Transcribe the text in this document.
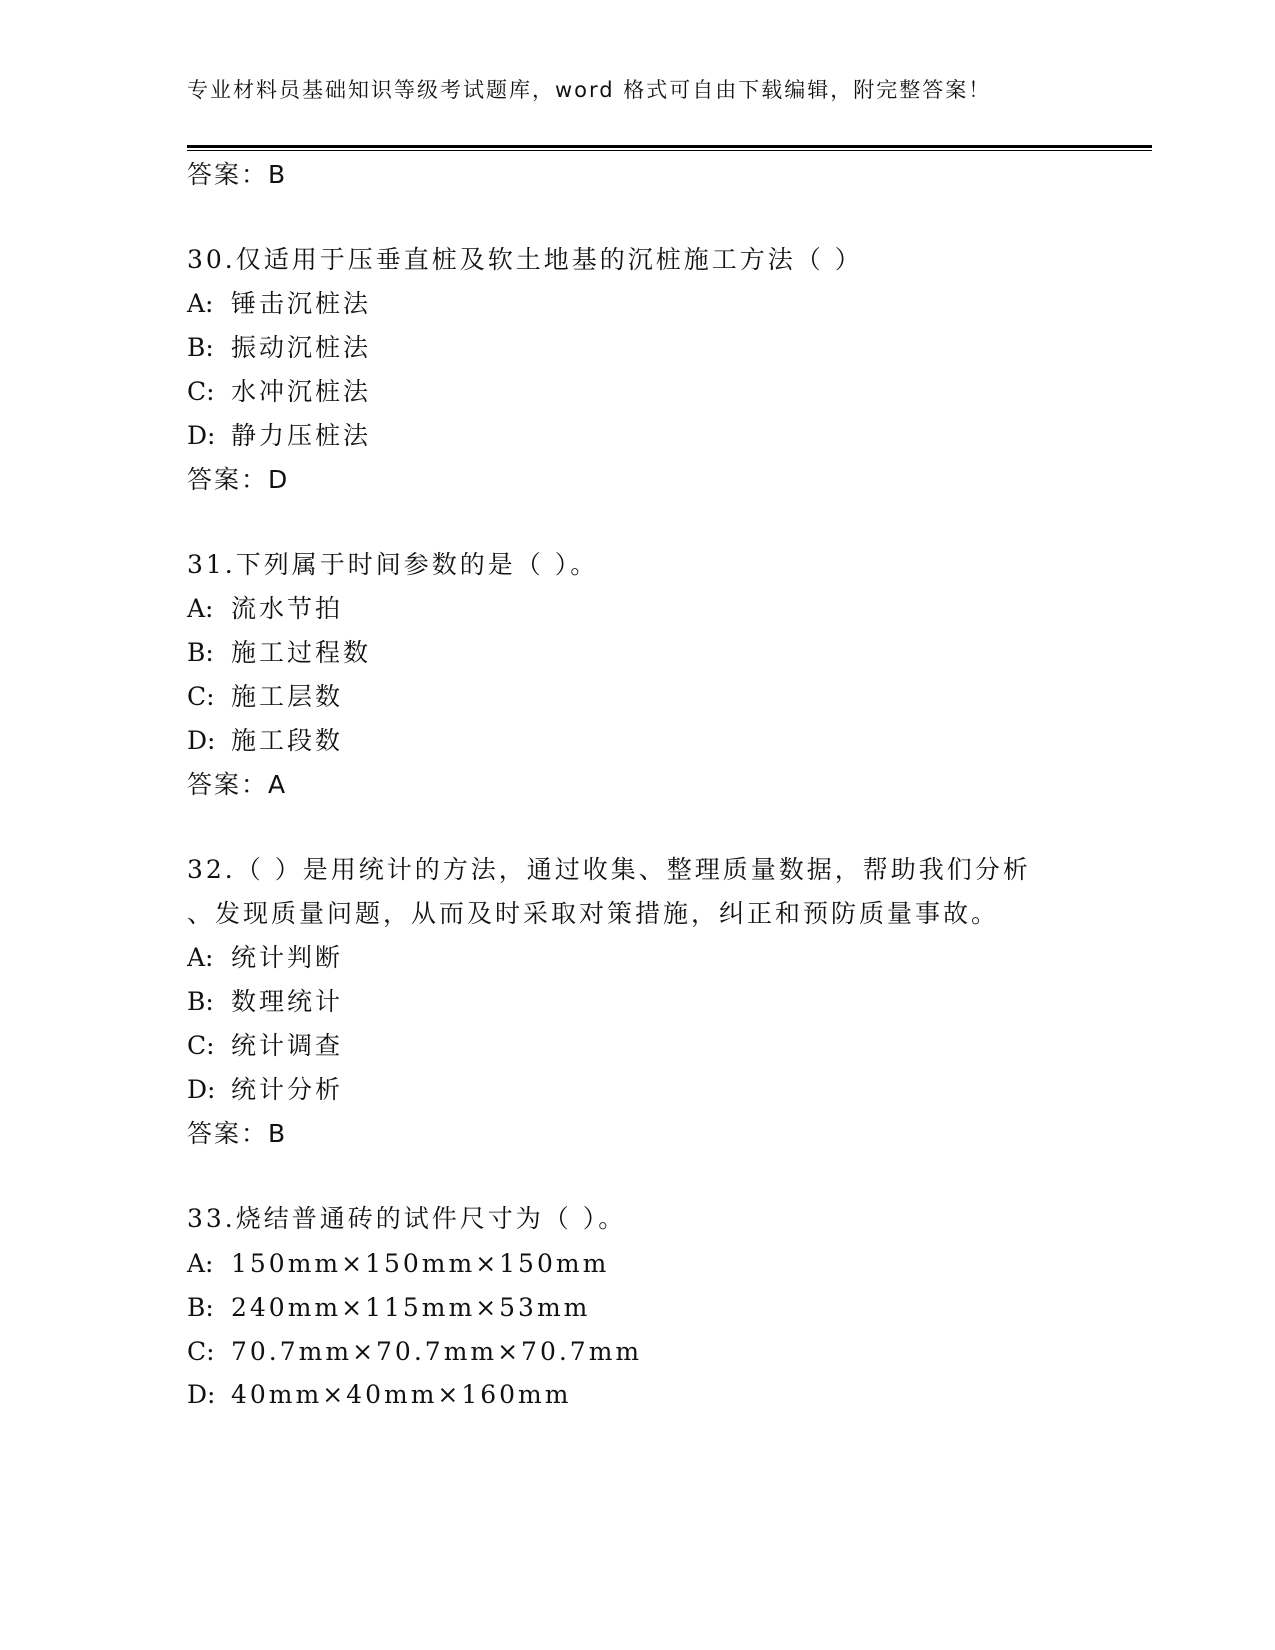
专业材料员基础知识等级考试题库，word 格式可自由下载编辑，附完整答案！
答案：B
30.仅适用于压垂直桩及软土地基的沉桩施工方法（ ）
A: 锤击沉桩法
B: 振动沉桩法
C: 水冲沉桩法
D: 静力压桩法
答案：D
31.下列属于时间参数的是（ ）。
A: 流水节拍
B: 施工过程数
C: 施工层数
D: 施工段数
答案：A
32.（ ）是用统计的方法，通过收集、整理质量数据，帮助我们分析
、发现质量问题，从而及时采取对策措施，纠正和预防质量事故。
A: 统计判断
B: 数理统计
C: 统计调查
D: 统计分析
答案：B
33.烧结普通砖的试件尺寸为（ ）。
A: 150mm×150mm×150mm
B: 240mm×115mm×53mm
C: 70.7mm×70.7mm×70.7mm
D: 40mm×40mm×160mm
